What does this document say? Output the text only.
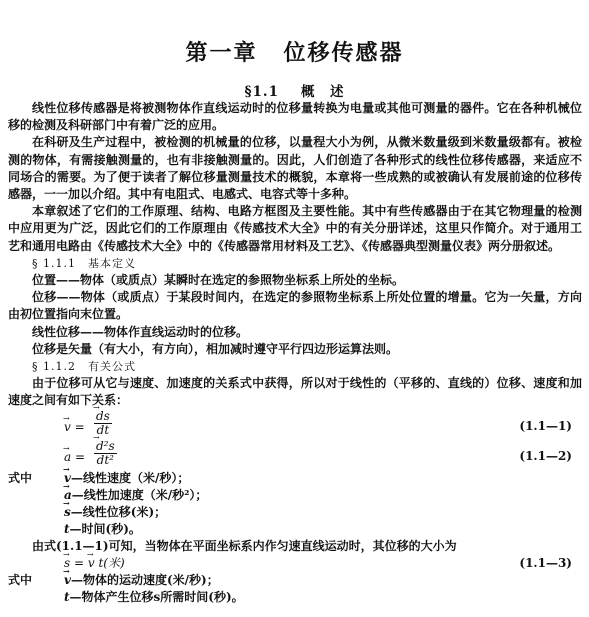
第一章 位移传感器
§1.1 概　述

线性位移传感器是将被测物体作直线运动时的位移量转换为电量或其他可测量的器件。它在各种机械位移的检测及科研部门中有着广泛的应用。

在科研及生产过程中，被检测的机械量的位移，以量程大小为例，从微米数量级到米数量级都有。被检测的物体，有需接触测量的，也有非接触测量的。因此，人们创造了各种形式的线性位移传感器，来适应不同场合的需要。为了便于读者了解位移量测量技术的概貌，本章将一些成熟的或被确认有发展前途的位移传感器，一一加以介绍。其中有电阻式、电感式、电容式等十多种。

本章叙述了它们的工作原理、结构、电路方框图及主要性能。其中有些传感器由于在其它物理量的检测中应用更为广泛，因此它们的工作原理由《传感技术大全》中的有关分册详述，这里只作简介。对于通用工艺和通用电路由《传感技术大全》中的《传感器常用材料及工艺》、《传感器典型测量仪表》两分册叙述。

§ 1.1.1　基本定义

位置——物体（或质点）某瞬时在选定的参照物坐标系上所处的坐标。

位移——物体（或质点）于某段时间内，在选定的参照物坐标系上所处位置的增量。它为一矢量，方向由初位置指向末位置。

线性位移——物体作直线运动时的位移。

位移是矢量（有大小，有方向），相加减时遵守平行四边形运算法则。

§ 1.1.2　有关公式

由于位移可从它与速度、加速度的关系式中获得，所以对于线性的（平移的、直线的）位移、速度和加速度之间有如下关系：

→ v = → $\frac{ds}{dt}$	(1.1—1)
→ a = → $\frac{\text{d²s}}{\text{dt²}}$	(1.1—2)
式中	→ v—线性速度（米/秒）；
→ a—线性加速度（米/秒²）；
→ s—线性位移(米)；
t—时间(秒)。

由式(1.1—1)可知，当物体在平面坐标系内作匀速直线运动时，其位移的大小为

→ s = → v t(米)	(1.1—3)
式中	→ v—物体的运动速度(米/秒)；
t—物体产生位移s所需时间(秒)。
